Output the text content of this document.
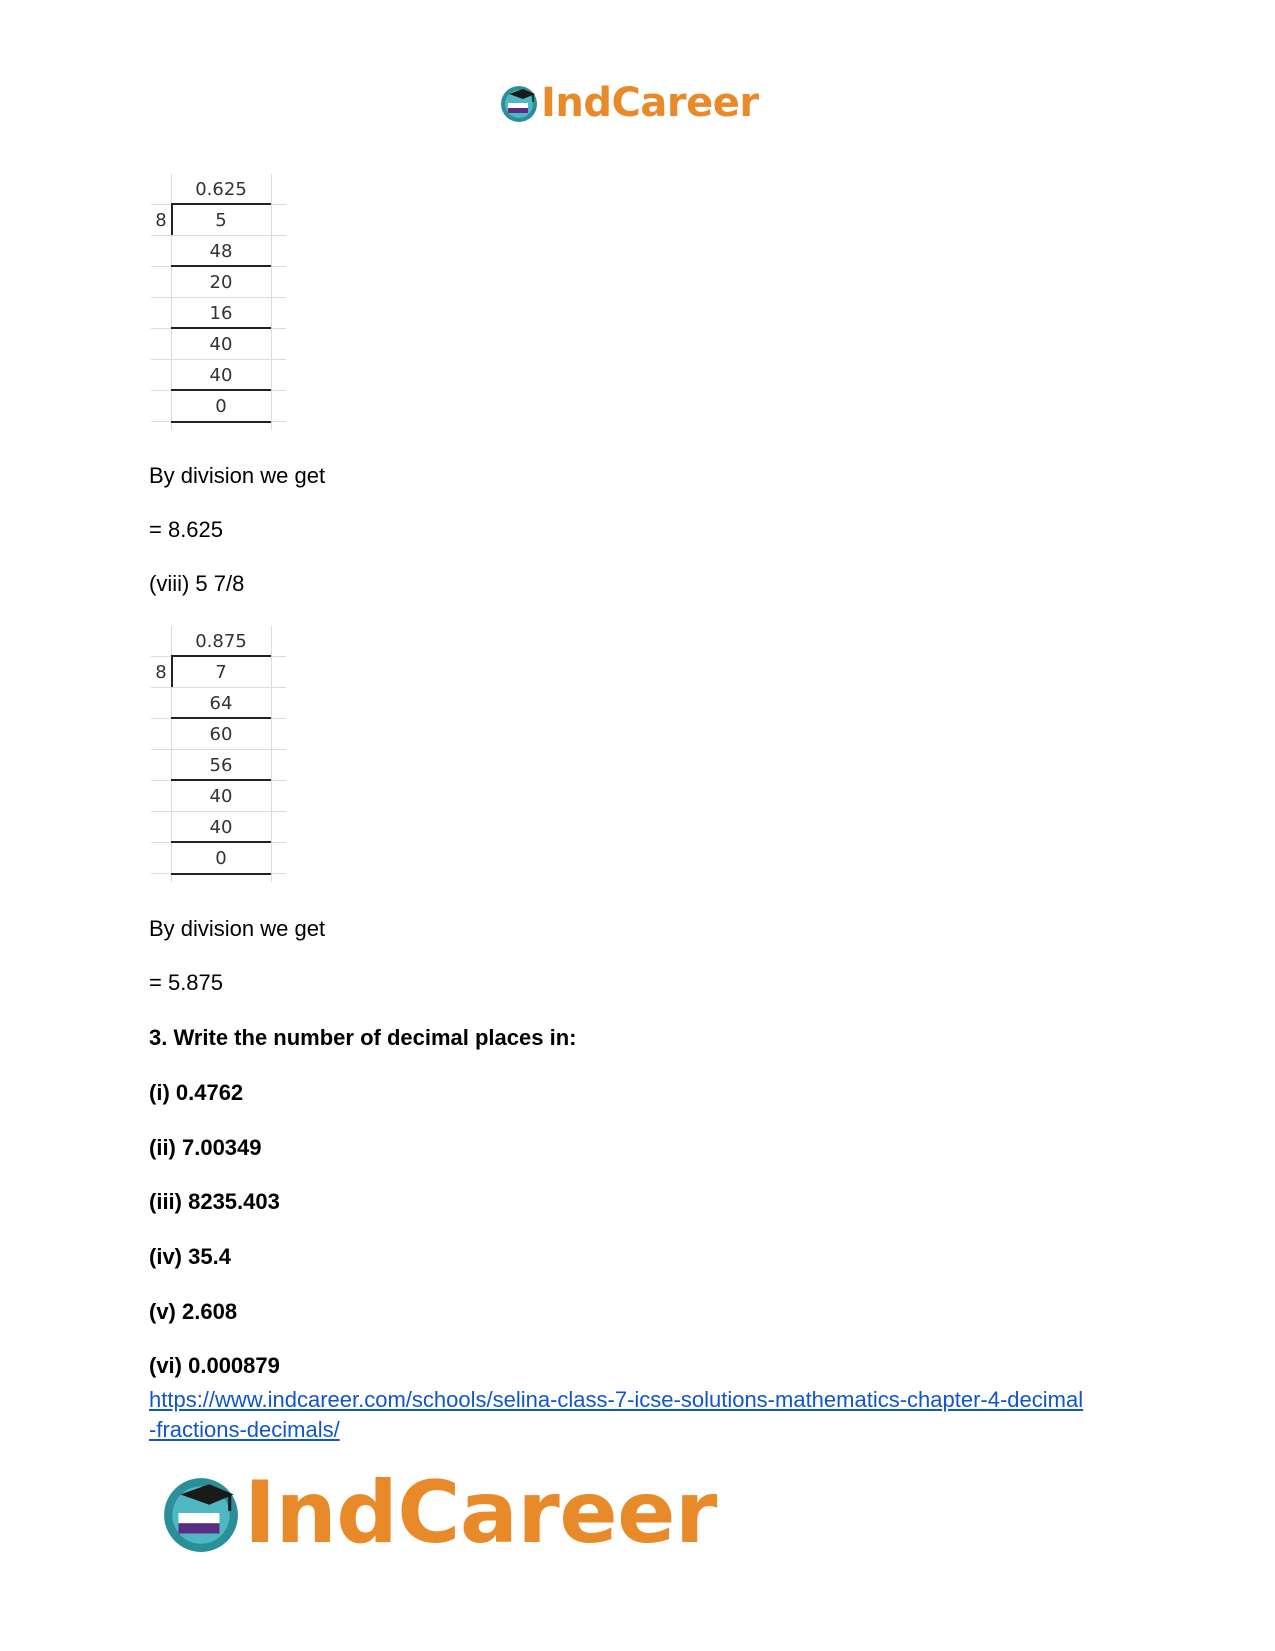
IndCareer
0.625
8	5
48
20
16
40
40
0
By division we get
= 8.625
(viii) 5 7/8
0.875
8	7
64
60
56
40
40
0
By division we get
= 5.875
3. Write the number of decimal places in:
(i) 0.4762
(ii) 7.00349
(iii) 8235.403
(iv) 35.4
(v) 2.608
(vi) 0.000879
https://www.indcareer.com/schools/selina-class-7-icse-solutions-mathematics-chapter-4-decimal
-fractions-decimals/
IndCareer
